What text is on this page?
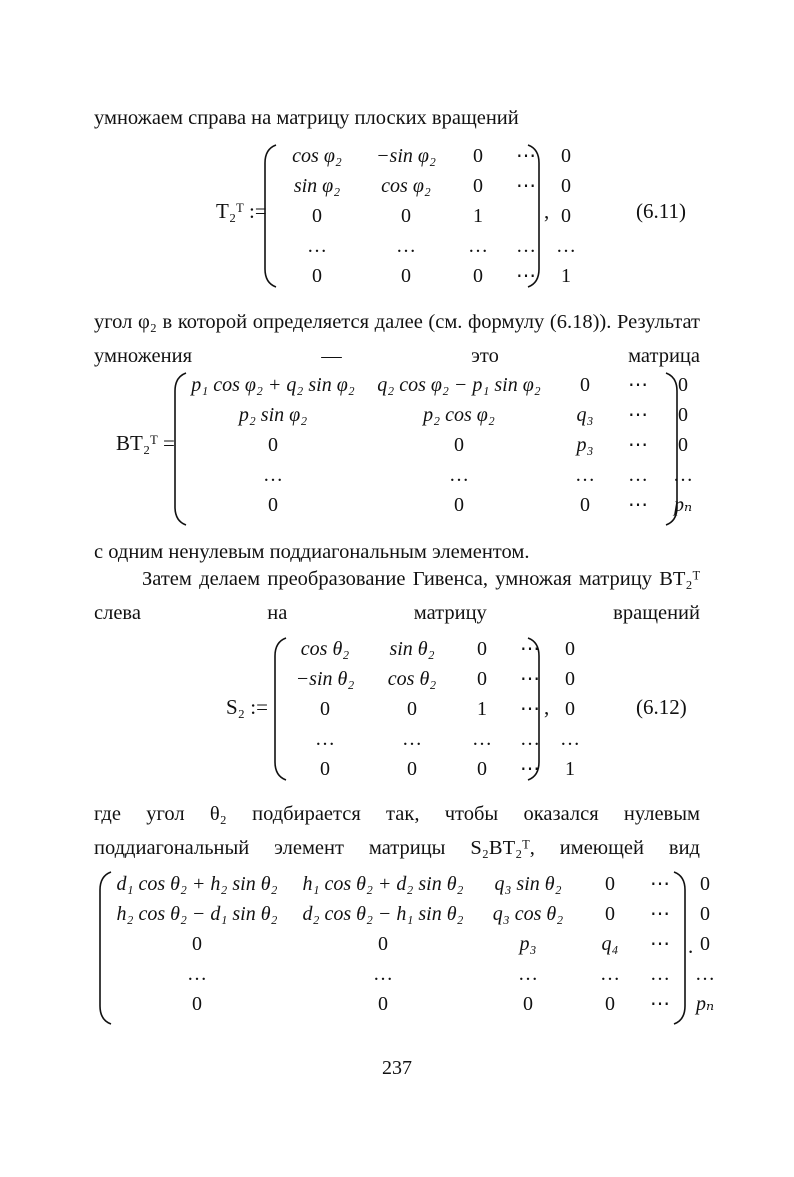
умножаем справа на матрицу плоских вращений

T₂ᵀ :=
cos φ₂	−sin φ₂	0	⋯	0
sin φ₂	cos φ₂	0	⋯	0
0	0	1		0
…	…	…	…	…
0	0	0	⋯	1
,	(6.11)

угол φ₂ в которой определяется далее (см. формулу (6.18)). Результат умножения — это матрица

BT₂ᵀ =
p₁ cos φ₂ + q₂ sin φ₂	q₂ cos φ₂ − p₁ sin φ₂	0	⋯	0
p₂ sin φ₂	p₂ cos φ₂	q₃	⋯	0
0	0	p₃	⋯	0
…	…	…	…	…
0	0	0	⋯	pₙ

с одним ненулевым поддиагональным элементом.

Затем делаем преобразование Гивенса, умножая матрицу BT₂ᵀ слева на матрицу вращений

S₂ :=
cos θ₂	sin θ₂	0	⋯	0
−sin θ₂	cos θ₂	0	⋯	0
0	0	1	⋯	0
…	…	…	…	…
0	0	0	⋯	1
,	(6.12)

где угол θ₂ подбирается так, чтобы оказался нулевым поддиагональный элемент матрицы S₂BT₂ᵀ, имеющей вид

d₁ cos θ₂ + h₂ sin θ₂	h₁ cos θ₂ + d₂ sin θ₂	q₃ sin θ₂	0	⋯	0
h₂ cos θ₂ − d₁ sin θ₂	d₂ cos θ₂ − h₁ sin θ₂	q₃ cos θ₂	0	⋯	0
0	0	p₃	q₄	⋯	0
…	…	…	…	…	…
0	0	0	0	⋯	pₙ
.
237
